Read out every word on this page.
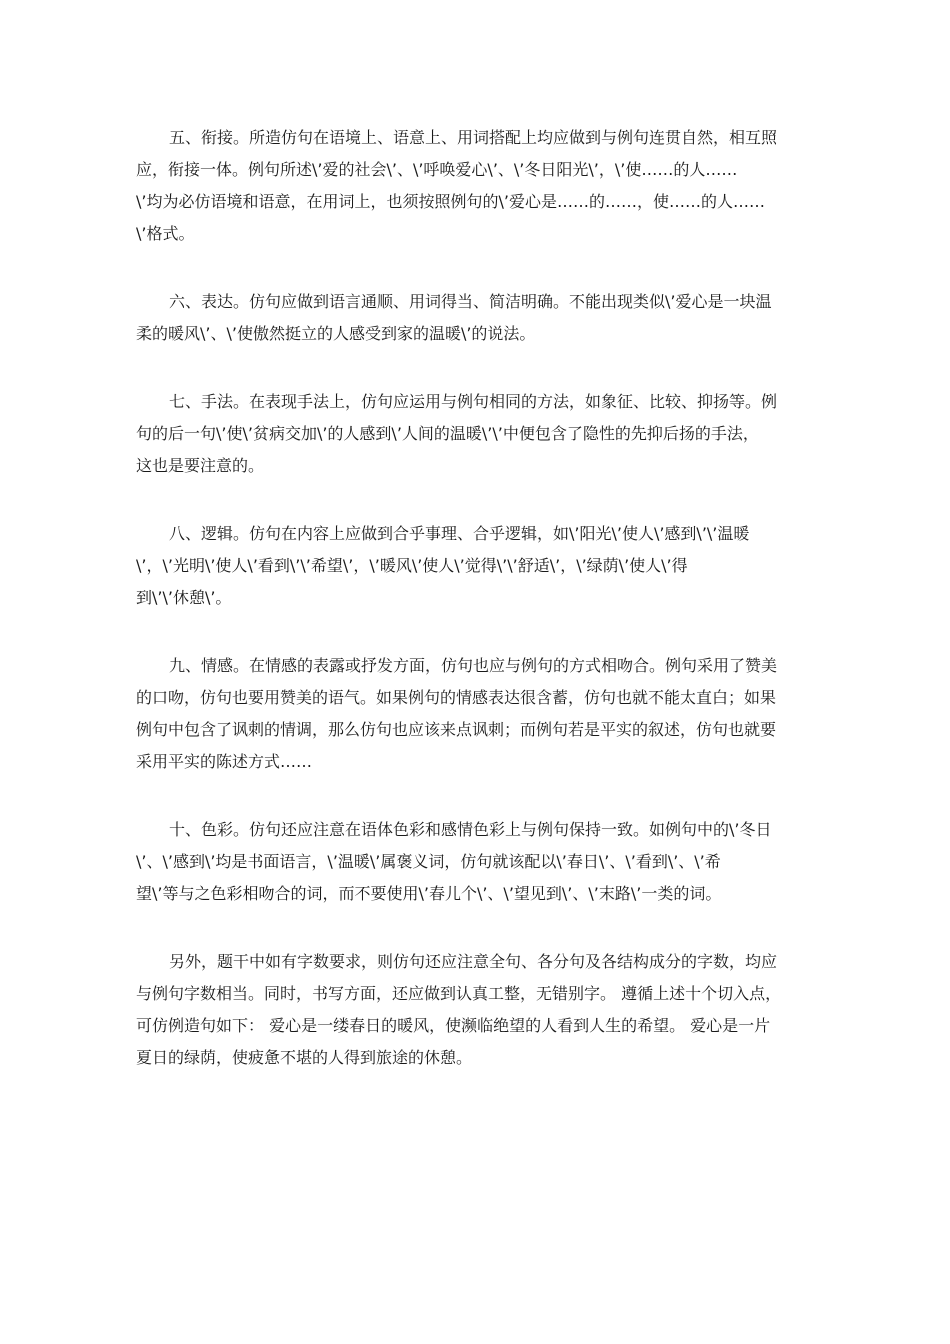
五、衔接。所造仿句在语境上、语意上、用词搭配上均应做到与例句连贯自然，相互照
应，衔接一体。例句所述\’爱的社会\’、\’呼唤爱心\’、\’冬日阳光\’，\’使……的人……
\’均为必仿语境和语意，在用词上，也须按照例句的\’爱心是……的……，使……的人……
\’格式。
六、表达。仿句应做到语言通顺、用词得当、简洁明确。不能出现类似\’爱心是一块温
柔的暖风\’、\’使傲然挺立的人感受到家的温暖\’的说法。
七、手法。在表现手法上，仿句应运用与例句相同的方法，如象征、比较、抑扬等。例
句的后一句\’使\’贫病交加\’的人感到\’人间的温暖\’\’中便包含了隐性的先抑后扬的手法，
这也是要注意的。
八、逻辑。仿句在内容上应做到合乎事理、合乎逻辑，如\’阳光\’使人\’感到\’\’温暖
\’，\’光明\’使人\’看到\’\’希望\’，\’暖风\’使人\’觉得\’\’舒适\’，\’绿荫\’使人\’得
到\’\’休憩\’。
九、情感。在情感的表露或抒发方面，仿句也应与例句的方式相吻合。例句采用了赞美
的口吻，仿句也要用赞美的语气。如果例句的情感表达很含蓄，仿句也就不能太直白；如果
例句中包含了讽刺的情调，那么仿句也应该来点讽刺；而例句若是平实的叙述，仿句也就要
采用平实的陈述方式……
十、色彩。仿句还应注意在语体色彩和感情色彩上与例句保持一致。如例句中的\’冬日
\’、\’感到\’均是书面语言，\’温暖\’属褒义词，仿句就该配以\’春日\’、\’看到\’、\’希
望\’等与之色彩相吻合的词，而不要使用\’春儿个\’、\’望见到\’、\’末路\’一类的词。
另外，题干中如有字数要求，则仿句还应注意全句、各分句及各结构成分的字数，均应
与例句字数相当。同时，书写方面，还应做到认真工整，无错别字。 遵循上述十个切入点，
可仿例造句如下： 爱心是一缕春日的暖风，使濒临绝望的人看到人生的希望。 爱心是一片
夏日的绿荫，使疲惫不堪的人得到旅途的休憩。
